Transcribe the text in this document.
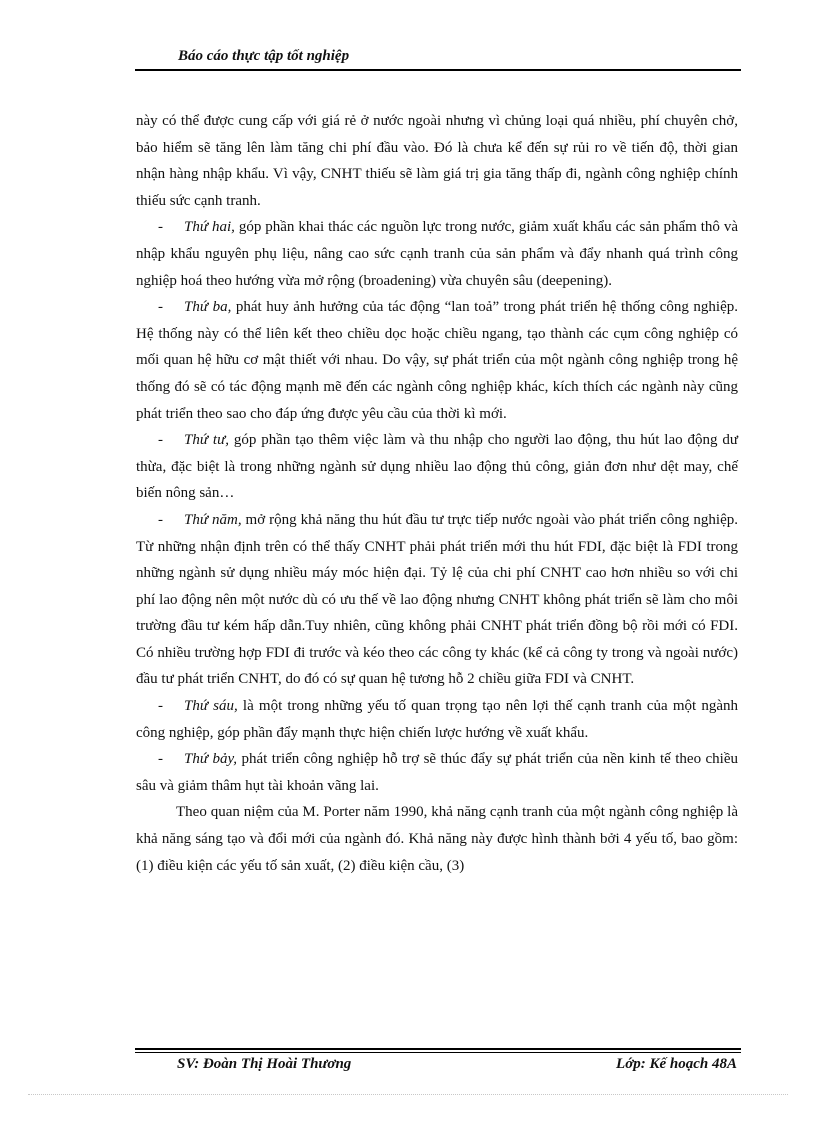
Báo cáo thực tập tốt nghiệp

này có thể được cung cấp với giá rẻ ở nước ngoài nhưng vì chủng loại quá nhiều, phí chuyên chở, bảo hiểm sẽ tăng lên làm tăng chi phí đầu vào. Đó là chưa kể đến sự rủi ro về tiến độ, thời gian nhận hàng nhập khẩu. Vì vậy, CNHT thiếu sẽ làm giá trị gia tăng thấp đi, ngành công nghiệp chính thiếu sức cạnh tranh.

- Thứ hai, góp phần khai thác các nguồn lực trong nước, giảm xuất khẩu các sản phẩm thô và nhập khẩu nguyên phụ liệu, nâng cao sức cạnh tranh của sản phẩm và đẩy nhanh quá trình công nghiệp hoá theo hướng vừa mở rộng (broadening) vừa chuyên sâu (deepening).

- Thứ ba, phát huy ảnh hưởng của tác động “lan toả” trong phát triển hệ thống công nghiệp. Hệ thống này có thể liên kết theo chiều dọc hoặc chiều ngang, tạo thành các cụm công nghiệp có mối quan hệ hữu cơ mật thiết với nhau. Do vậy, sự phát triển của một ngành công nghiệp trong hệ thống đó sẽ có tác động mạnh mẽ đến các ngành công nghiệp khác, kích thích các ngành này cũng phát triển theo sao cho đáp ứng được yêu cầu của thời kì mới.

- Thứ tư, góp phần tạo thêm việc làm và thu nhập cho người lao động, thu hút lao động dư thừa, đặc biệt là trong những ngành sử dụng nhiều lao động thủ công, giản đơn như dệt may, chế biến nông sản…

- Thứ năm, mở rộng khả năng thu hút đầu tư trực tiếp nước ngoài vào phát triển công nghiệp. Từ những nhận định trên có thể thấy CNHT phải phát triển mới thu hút FDI, đặc biệt là FDI trong những ngành sử dụng nhiều máy móc hiện đại. Tỷ lệ của chi phí CNHT cao hơn nhiều so với chi phí lao động nên một nước dù có ưu thế về lao động nhưng CNHT không phát triển sẽ làm cho môi trường đầu tư kém hấp dẫn.Tuy nhiên, cũng không phải CNHT phát triển đồng bộ rồi mới có FDI. Có nhiều trường hợp FDI đi trước và kéo theo các công ty khác (kể cả công ty trong và ngoài nước) đầu tư phát triển CNHT, do đó có sự quan hệ tương hỗ 2 chiều giữa FDI và CNHT.

- Thứ sáu, là một trong những yếu tố quan trọng tạo nên lợi thế cạnh tranh của một ngành công nghiệp, góp phần đẩy mạnh thực hiện chiến lược hướng về xuất khẩu.

- Thứ bảy, phát triển công nghiệp hỗ trợ sẽ thúc đẩy sự phát triển của nền kinh tế theo chiều sâu và giảm thâm hụt tài khoản vãng lai.

Theo quan niệm của M. Porter năm 1990, khả năng cạnh tranh của một ngành công nghiệp là khả năng sáng tạo và đổi mới của ngành đó. Khả năng này được hình thành bởi 4 yếu tố, bao gồm: (1) điều kiện các yếu tố sản xuất, (2) điều kiện cầu, (3)

SV: Đoàn Thị Hoài Thương	Lớp: Kế hoạch 48A
